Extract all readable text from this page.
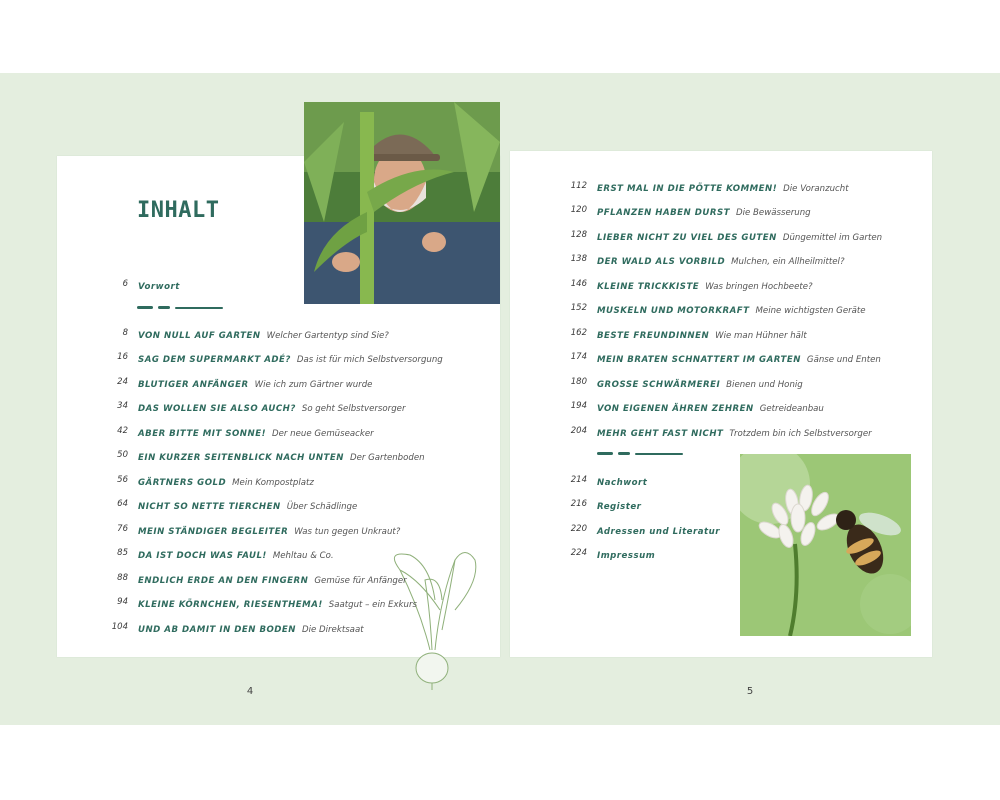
INHALT
6 Vorwort
8 VON NULL AUF GARTEN Welcher Gartentyp sind Sie?
16 SAG DEM SUPERMARKT ADÉ? Das ist für mich Selbstversorgung
24 BLUTIGER ANFÄNGER Wie ich zum Gärtner wurde
34 DAS WOLLEN SIE ALSO AUCH? So geht Selbstversorger
42 ABER BITTE MIT SONNE! Der neue Gemüseacker
50 EIN KURZER SEITENBLICK NACH UNTEN Der Gartenboden
56 GÄRTNERS GOLD Mein Kompostplatz
64 NICHT SO NETTE TIERCHEN Über Schädlinge
76 MEIN STÄNDIGER BEGLEITER Was tun gegen Unkraut?
85 DA IST DOCH WAS FAUL! Mehltau & Co.
88 ENDLICH ERDE AN DEN FINGERN Gemüse für Anfänger
94 KLEINE KÖRNCHEN, RIESENTHEMA! Saatgut – ein Exkurs
104 UND AB DAMIT IN DEN BODEN Die Direktsaat
112 ERST MAL IN DIE PÖTTE KOMMEN! Die Voranzucht
120 PFLANZEN HABEN DURST Die Bewässerung
128 LIEBER NICHT ZU VIEL DES GUTEN Düngemittel im Garten
138 DER WALD ALS VORBILD Mulchen, ein Allheilmittel?
146 KLEINE TRICKKISTE Was bringen Hochbeete?
152 MUSKELN UND MOTORKRAFT Meine wichtigsten Geräte
162 BESTE FREUNDINNEN Wie man Hühner hält
174 MEIN BRATEN SCHNATTERT IM GARTEN Gänse und Enten
180 GROSSE SCHWÄRMEREI Bienen und Honig
194 VON EIGENEN ÄHREN ZEHREN Getreideanbau
204 MEHR GEHT FAST NICHT Trotzdem bin ich Selbstversorger
214 Nachwort
216 Register
220 Adressen und Literatur
224 Impressum
4	5
